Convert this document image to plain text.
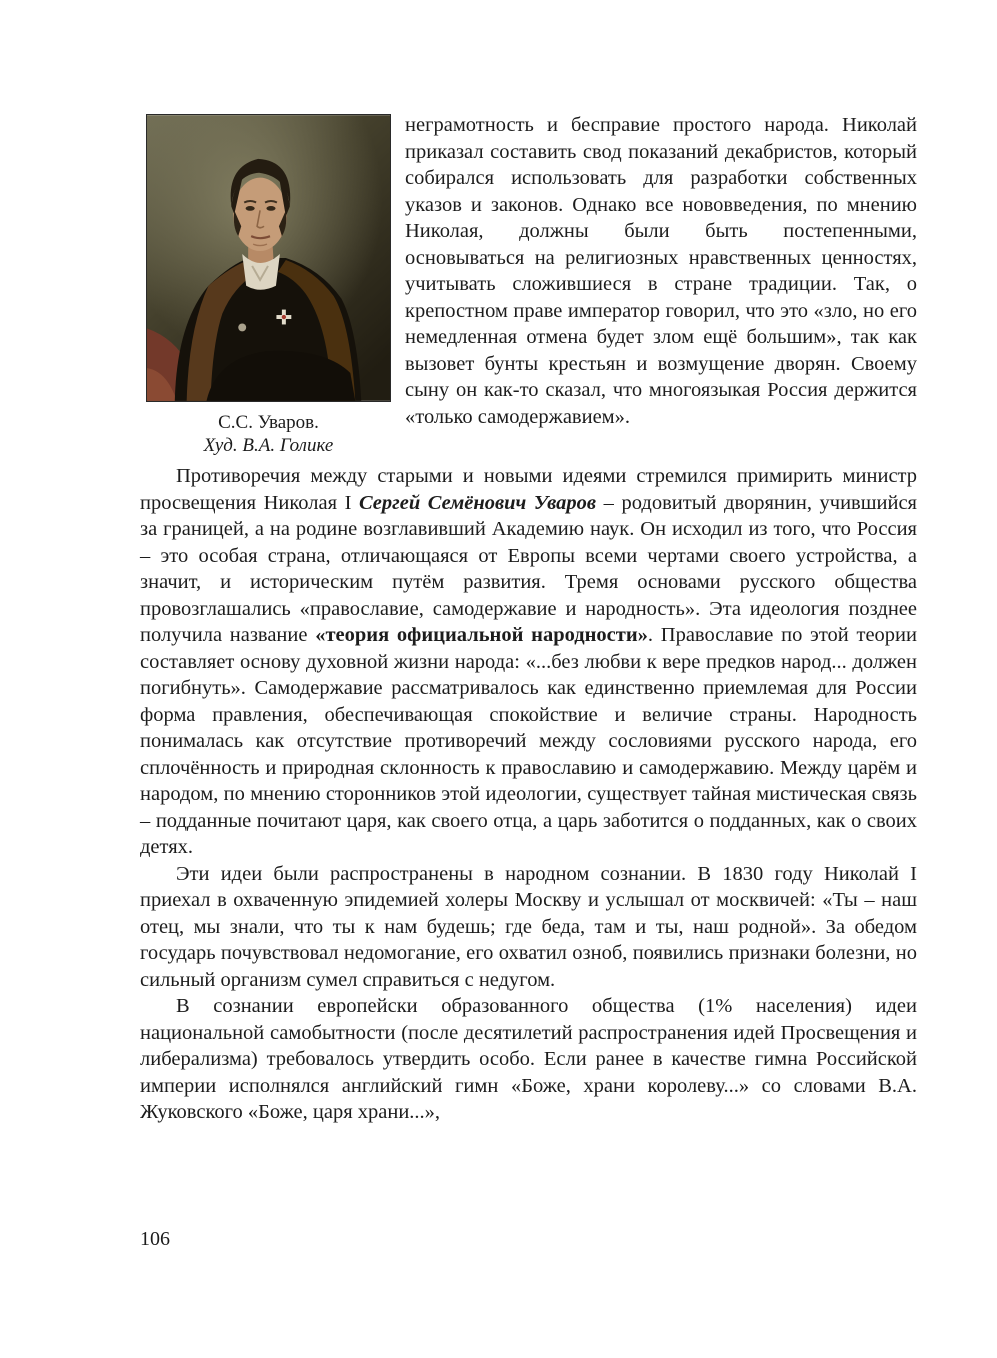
С.С. Уваров.
Худ. В.А. Голике

неграмотность и бесправие простого народа. Николай приказал составить свод показаний декабристов, который собирался использовать для разработки собственных указов и законов. Однако все нововведения, по мнению Николая, должны были быть постепенными, основываться на религиозных нравственных ценностях, учитывать сложившиеся в стране традиции. Так, о крепостном праве император говорил, что это «зло, но его немедленная отмена будет злом ещё большим», так как вызовет бунты крестьян и возмущение дворян. Своему сыну он как-то сказал, что многоязыкая Россия держится «только самодержавием».

Противоречия между старыми и новыми идеями стремился примирить министр просвещения Николая I Сергей Семёнович Уваров – родовитый дворянин, учившийся за границей, а на родине возглавивший Академию наук. Он исходил из того, что Россия – это особая страна, отличающаяся от Европы всеми чертами своего устройства, а значит, и историческим путём развития. Тремя основами русского общества провозглашались «православие, самодержавие и народность». Эта идеология позднее получила название «теория официальной народности». Православие по этой теории составляет основу духовной жизни народа: «...без любви к вере предков народ... должен погибнуть». Самодержавие рассматривалось как единственно приемлемая для России форма правления, обеспечивающая спокойствие и величие страны. Народность понималась как отсутствие противоречий между сословиями русского народа, его сплочённость и природная склонность к православию и самодержавию. Между царём и народом, по мнению сторонников этой идеологии, существует тайная мистическая связь – подданные почитают царя, как своего отца, а царь заботится о подданных, как о своих детях.

Эти идеи были распространены в народном сознании. В 1830 году Николай I приехал в охваченную эпидемией холеры Москву и услышал от москвичей: «Ты – наш отец, мы знали, что ты к нам будешь; где беда, там и ты, наш родной». За обедом государь почувствовал недомогание, его охватил озноб, появились признаки болезни, но сильный организм сумел справиться с недугом.

В сознании европейски образованного общества (1% населения) идеи национальной самобытности (после десятилетий распространения идей Просвещения и либерализма) требовалось утвердить особо. Если ранее в качестве гимна Российской империи исполнялся английский гимн «Боже, храни королеву...» со словами В.А. Жуковского «Боже, царя храни...»,

106
